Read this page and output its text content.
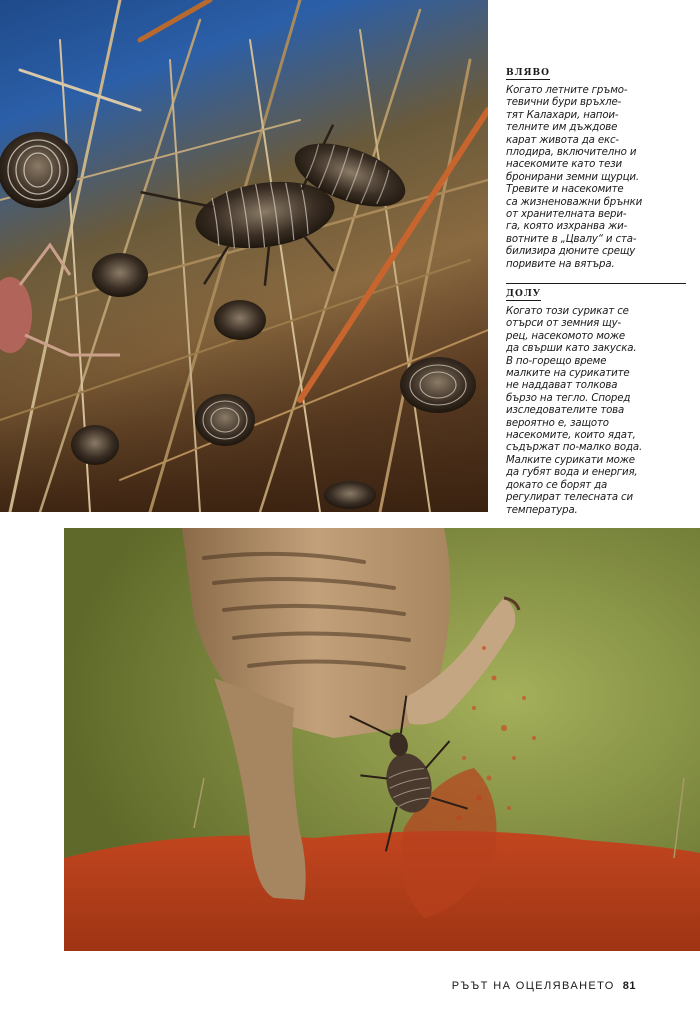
ВЛЯВО
Когато летните гръмо-
тевични бури връхле-
тят Калахари, напои-
телните им дъждове
карат живота да екс-
плодира, включително и
насекомите като тези
бронирани земни щурци.
Тревите и насекомите
са жизненоважни брънки
от хранителната вери-
га, която изхранва жи-
вотните в „Цвалу“ и ста-
билизира дюните срещу
поривите на вятъра.
ДОЛУ
Когато този сурикат се
отърси от земния щу-
рец, насекомото може
да свърши като закуска.
В по-горещо време
малките на сурикатите
не наддават толкова
бързо на тегло. Според
изследователите това
вероятно е, защото
насекомите, които ядат,
съдържат по-малко вода.
Малките сурикати може
да губят вода и енергия,
докато се борят да
регулират телесната си
температура.
РЪЪТ НА ОЦЕЛЯВАНЕТО 81
